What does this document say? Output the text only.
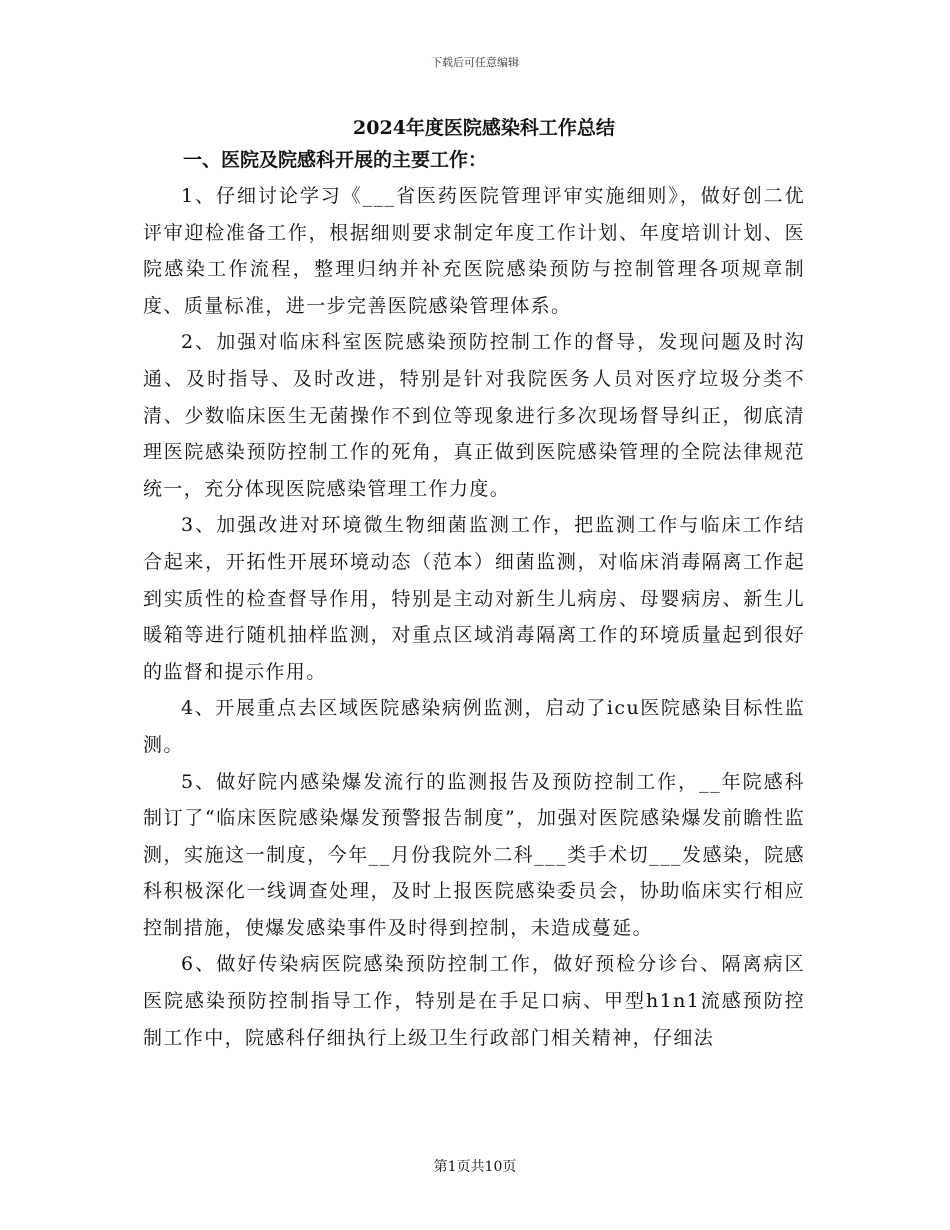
下载后可任意编辑
2024年度医院感染科工作总结
一、医院及院感科开展的主要工作：

1、仔细讨论学习《___省医药医院管理评审实施细则》，做好创二优评审迎检准备工作，根据细则要求制定年度工作计划、年度培训计划、医院感染工作流程，整理归纳并补充医院感染预防与控制管理各项规章制度、质量标准，进一步完善医院感染管理体系。

2、加强对临床科室医院感染预防控制工作的督导，发现问题及时沟通、及时指导、及时改进，特别是针对我院医务人员对医疗垃圾分类不清、少数临床医生无菌操作不到位等现象进行多次现场督导纠正，彻底清理医院感染预防控制工作的死角，真正做到医院感染管理的全院法律规范统一，充分体现医院感染管理工作力度。

3、加强改进对环境微生物细菌监测工作，把监测工作与临床工作结合起来，开拓性开展环境动态（范本）细菌监测，对临床消毒隔离工作起到实质性的检查督导作用，特别是主动对新生儿病房、母婴病房、新生儿暖箱等进行随机抽样监测，对重点区域消毒隔离工作的环境质量起到很好的监督和提示作用。

4、开展重点去区域医院感染病例监测，启动了icu医院感染目标性监测。

5、做好院内感染爆发流行的监测报告及预防控制工作，__年院感科制订了“临床医院感染爆发预警报告制度”，加强对医院感染爆发前瞻性监测，实施这一制度，今年__月份我院外二科___类手术切___发感染，院感科积极深化一线调查处理，及时上报医院感染委员会，协助临床实行相应控制措施，使爆发感染事件及时得到控制，未造成蔓延。

6、做好传染病医院感染预防控制工作，做好预检分诊台、隔离病区医院感染预防控制指导工作，特别是在手足口病、甲型h1n1流感预防控制工作中，院感科仔细执行上级卫生行政部门相关精神，仔细法

第1页共10页
